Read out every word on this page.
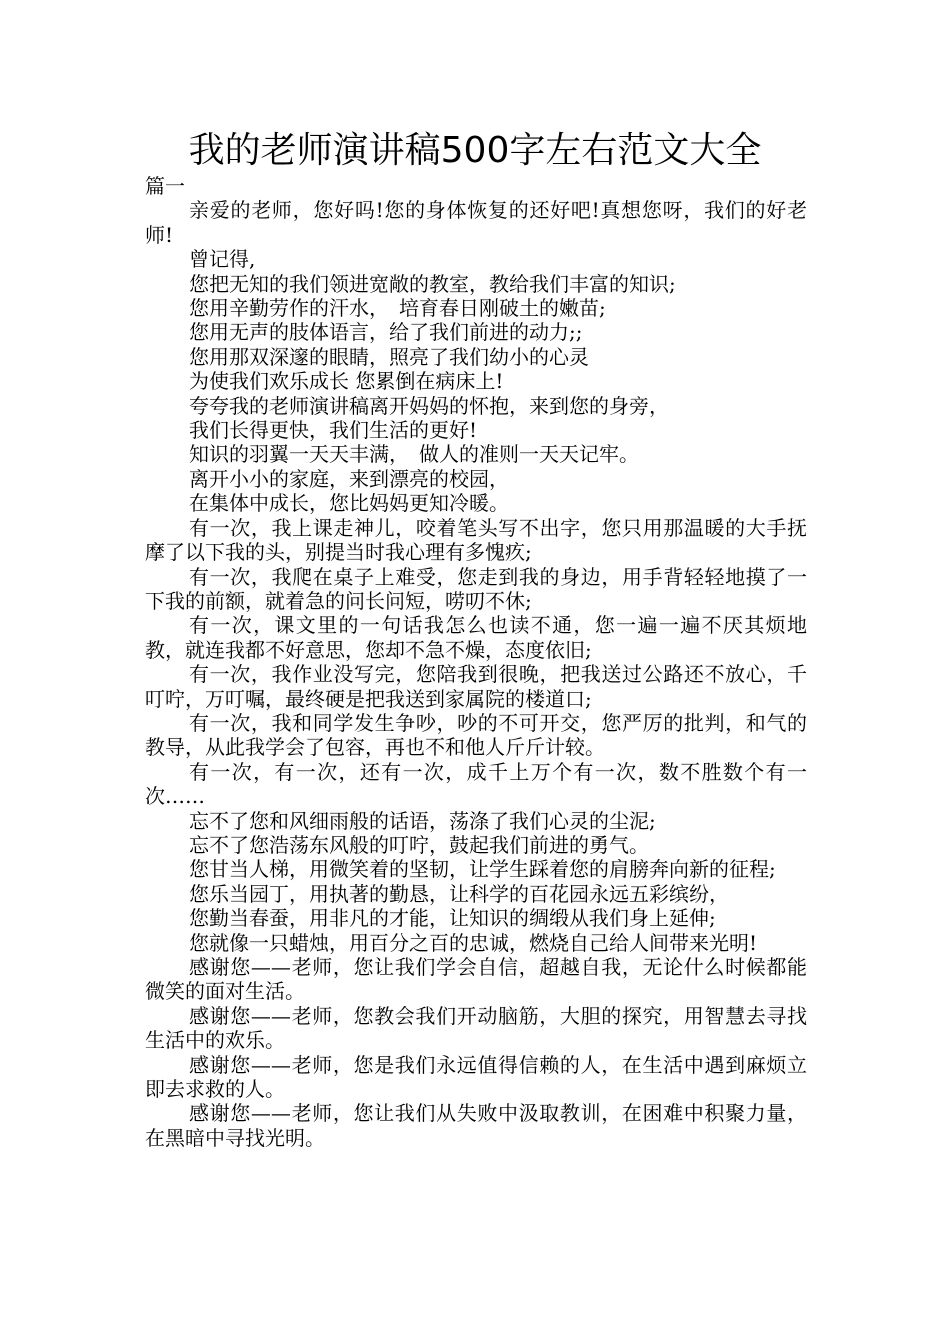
我的老师演讲稿500字左右范文大全

篇一

亲爱的老师，您好吗!您的身体恢复的还好吧!真想您呀，我们的好老师!

曾记得,

您把无知的我们领进宽敞的教室，教给我们丰富的知识;

您用辛勤劳作的汗水，　培育春日刚破土的嫩苗;

您用无声的肢体语言，给了我们前进的动力;;

您用那双深邃的眼睛，照亮了我们幼小的心灵

为使我们欢乐成长 您累倒在病床上!

夸夸我的老师演讲稿离开妈妈的怀抱，来到您的身旁，

我们长得更快，我们生活的更好!

知识的羽翼一天天丰满，　做人的准则一天天记牢。

离开小小的家庭，来到漂亮的校园，

在集体中成长，您比妈妈更知冷暖。

有一次，我上课走神儿，咬着笔头写不出字，您只用那温暖的大手抚摩了以下我的头，别提当时我心理有多愧疚;

有一次，我爬在桌子上难受，您走到我的身边，用手背轻轻地摸了一下我的前额，就着急的问长问短，唠叨不休;

有一次，课文里的一句话我怎么也读不通，您一遍一遍不厌其烦地教，就连我都不好意思，您却不急不燥，态度依旧;

有一次，我作业没写完，您陪我到很晚，把我送过公路还不放心，千叮咛，万叮嘱，最终硬是把我送到家属院的楼道口;

有一次，我和同学发生争吵，吵的不可开交，您严厉的批判，和气的教导，从此我学会了包容，再也不和他人斤斤计较。

有一次，有一次，还有一次，成千上万个有一次，数不胜数个有一次……

忘不了您和风细雨般的话语，荡涤了我们心灵的尘泥;

忘不了您浩荡东风般的叮咛，鼓起我们前进的勇气。

您甘当人梯，用微笑着的坚韧，让学生踩着您的肩膀奔向新的征程;

您乐当园丁，用执著的勤恳，让科学的百花园永远五彩缤纷，

您勤当春蚕，用非凡的才能，让知识的绸缎从我们身上延伸;

您就像一只蜡烛，用百分之百的忠诚，燃烧自己给人间带来光明!

感谢您——老师，您让我们学会自信，超越自我，无论什么时候都能微笑的面对生活。

感谢您——老师，您教会我们开动脑筋，大胆的探究，用智慧去寻找生活中的欢乐。

感谢您——老师，您是我们永远值得信赖的人，在生活中遇到麻烦立即去求救的人。

感谢您——老师，您让我们从失败中汲取教训，在困难中积聚力量，在黑暗中寻找光明。
